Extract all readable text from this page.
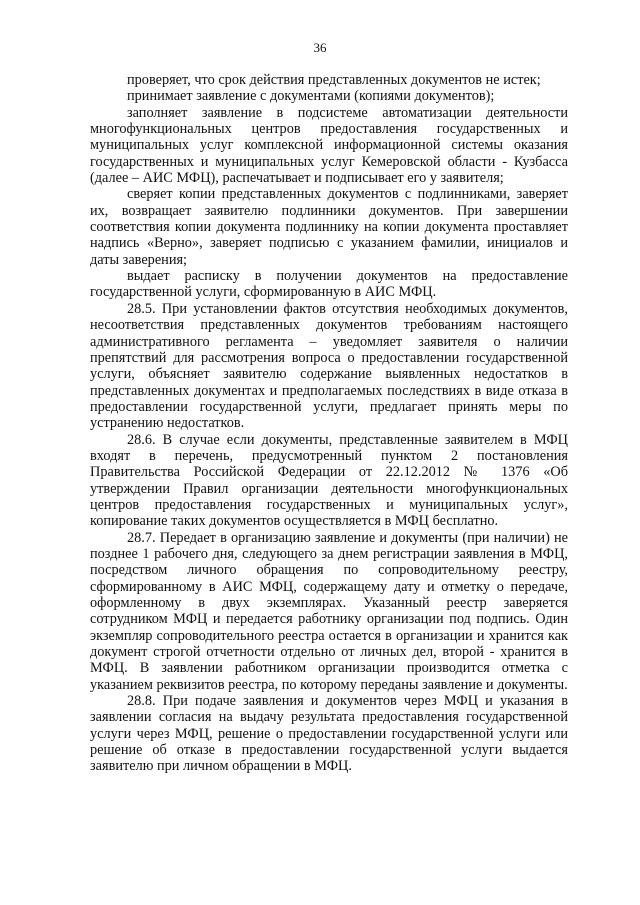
36

проверяет, что срок действия представленных документов не истек;

принимает заявление с документами (копиями документов);

заполняет заявление в подсистеме автоматизации деятельности многофункциональных центров предоставления государственных и муниципальных услуг комплексной информационной системы оказания государственных и муниципальных услуг Кемеровской области - Кузбасса (далее – АИС МФЦ), распечатывает и подписывает его у заявителя;

сверяет копии представленных документов с подлинниками, заверяет их, возвращает заявителю подлинники документов. При завершении соответствия копии документа подлиннику на копии документа проставляет надпись «Верно», заверяет подписью с указанием фамилии, инициалов и даты заверения;

выдает расписку в получении документов на предоставление государственной услуги, сформированную в АИС МФЦ.

28.5. При установлении фактов отсутствия необходимых документов, несоответствия представленных документов требованиям настоящего административного регламента – уведомляет заявителя о наличии препятствий для рассмотрения вопроса о предоставлении государственной услуги, объясняет заявителю содержание выявленных недостатков в представленных документах и предполагаемых последствиях в виде отказа в предоставлении государственной услуги, предлагает принять меры по устранению недостатков.

28.6. В случае если документы, представленные заявителем в МФЦ входят в перечень, предусмотренный пунктом 2 постановления Правительства Российской Федерации от 22.12.2012 № 1376 «Об утверждении Правил организации деятельности многофункциональных центров предоставления государственных и муниципальных услуг», копирование таких документов осуществляется в МФЦ бесплатно.

28.7. Передает в организацию заявление и документы (при наличии) не позднее 1 рабочего дня, следующего за днем регистрации заявления в МФЦ, посредством личного обращения по сопроводительному реестру, сформированному в АИС МФЦ, содержащему дату и отметку о передаче, оформленному в двух экземплярах. Указанный реестр заверяется сотрудником МФЦ и передается работнику организации под подпись. Один экземпляр сопроводительного реестра остается в организации и хранится как документ строгой отчетности отдельно от личных дел, второй - хранится в МФЦ. В заявлении работником организации производится отметка с указанием реквизитов реестра, по которому переданы заявление и документы.

28.8. При подаче заявления и документов через МФЦ и указания в заявлении согласия на выдачу результата предоставления государственной услуги через МФЦ, решение о предоставлении государственной услуги или решение об отказе в предоставлении государственной услуги выдается заявителю при личном обращении в МФЦ.
